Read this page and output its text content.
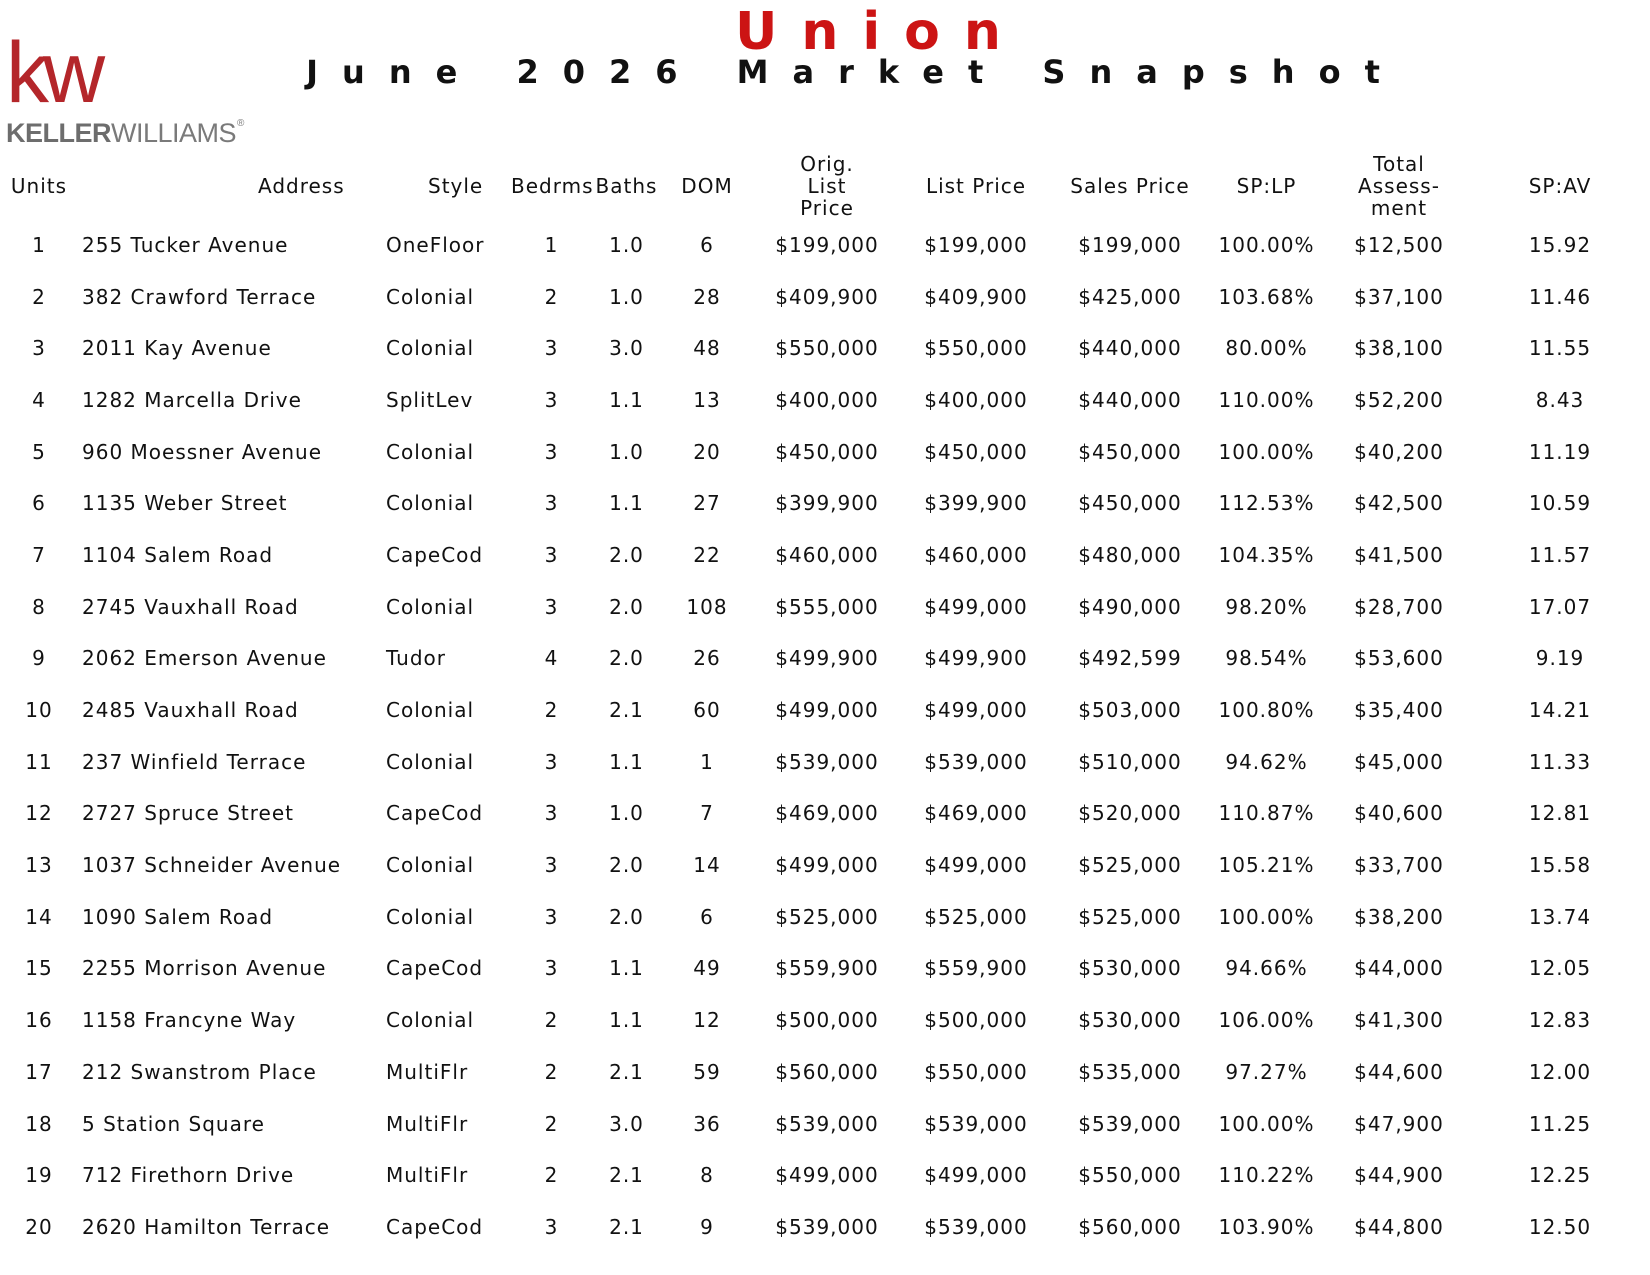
kw
KELLERWILLIAMS®
Union
June 2026 Market Snapshot
Units	Address	Style	Bedrms	Baths	DOM	Orig. List Price	List Price	Sales Price	SP:LP	Total Assess-ment	SP:AV
1	255 Tucker Avenue	OneFloor	1	1.0	6	$199,000	$199,000	$199,000	100.00%	$12,500	15.92
2	382 Crawford Terrace	Colonial	2	1.0	28	$409,900	$409,900	$425,000	103.68%	$37,100	11.46
3	2011 Kay Avenue	Colonial	3	3.0	48	$550,000	$550,000	$440,000	80.00%	$38,100	11.55
4	1282 Marcella Drive	SplitLev	3	1.1	13	$400,000	$400,000	$440,000	110.00%	$52,200	8.43
5	960 Moessner Avenue	Colonial	3	1.0	20	$450,000	$450,000	$450,000	100.00%	$40,200	11.19
6	1135 Weber Street	Colonial	3	1.1	27	$399,900	$399,900	$450,000	112.53%	$42,500	10.59
7	1104 Salem Road	CapeCod	3	2.0	22	$460,000	$460,000	$480,000	104.35%	$41,500	11.57
8	2745 Vauxhall Road	Colonial	3	2.0	108	$555,000	$499,000	$490,000	98.20%	$28,700	17.07
9	2062 Emerson Avenue	Tudor	4	2.0	26	$499,900	$499,900	$492,599	98.54%	$53,600	9.19
10	2485 Vauxhall Road	Colonial	2	2.1	60	$499,000	$499,000	$503,000	100.80%	$35,400	14.21
11	237 Winfield Terrace	Colonial	3	1.1	1	$539,000	$539,000	$510,000	94.62%	$45,000	11.33
12	2727 Spruce Street	CapeCod	3	1.0	7	$469,000	$469,000	$520,000	110.87%	$40,600	12.81
13	1037 Schneider Avenue	Colonial	3	2.0	14	$499,000	$499,000	$525,000	105.21%	$33,700	15.58
14	1090 Salem Road	Colonial	3	2.0	6	$525,000	$525,000	$525,000	100.00%	$38,200	13.74
15	2255 Morrison Avenue	CapeCod	3	1.1	49	$559,900	$559,900	$530,000	94.66%	$44,000	12.05
16	1158 Francyne Way	Colonial	2	1.1	12	$500,000	$500,000	$530,000	106.00%	$41,300	12.83
17	212 Swanstrom Place	MultiFlr	2	2.1	59	$560,000	$550,000	$535,000	97.27%	$44,600	12.00
18	5 Station Square	MultiFlr	2	3.0	36	$539,000	$539,000	$539,000	100.00%	$47,900	11.25
19	712 Firethorn Drive	MultiFlr	2	2.1	8	$499,000	$499,000	$550,000	110.22%	$44,900	12.25
20	2620 Hamilton Terrace	CapeCod	3	2.1	9	$539,000	$539,000	$560,000	103.90%	$44,800	12.50
